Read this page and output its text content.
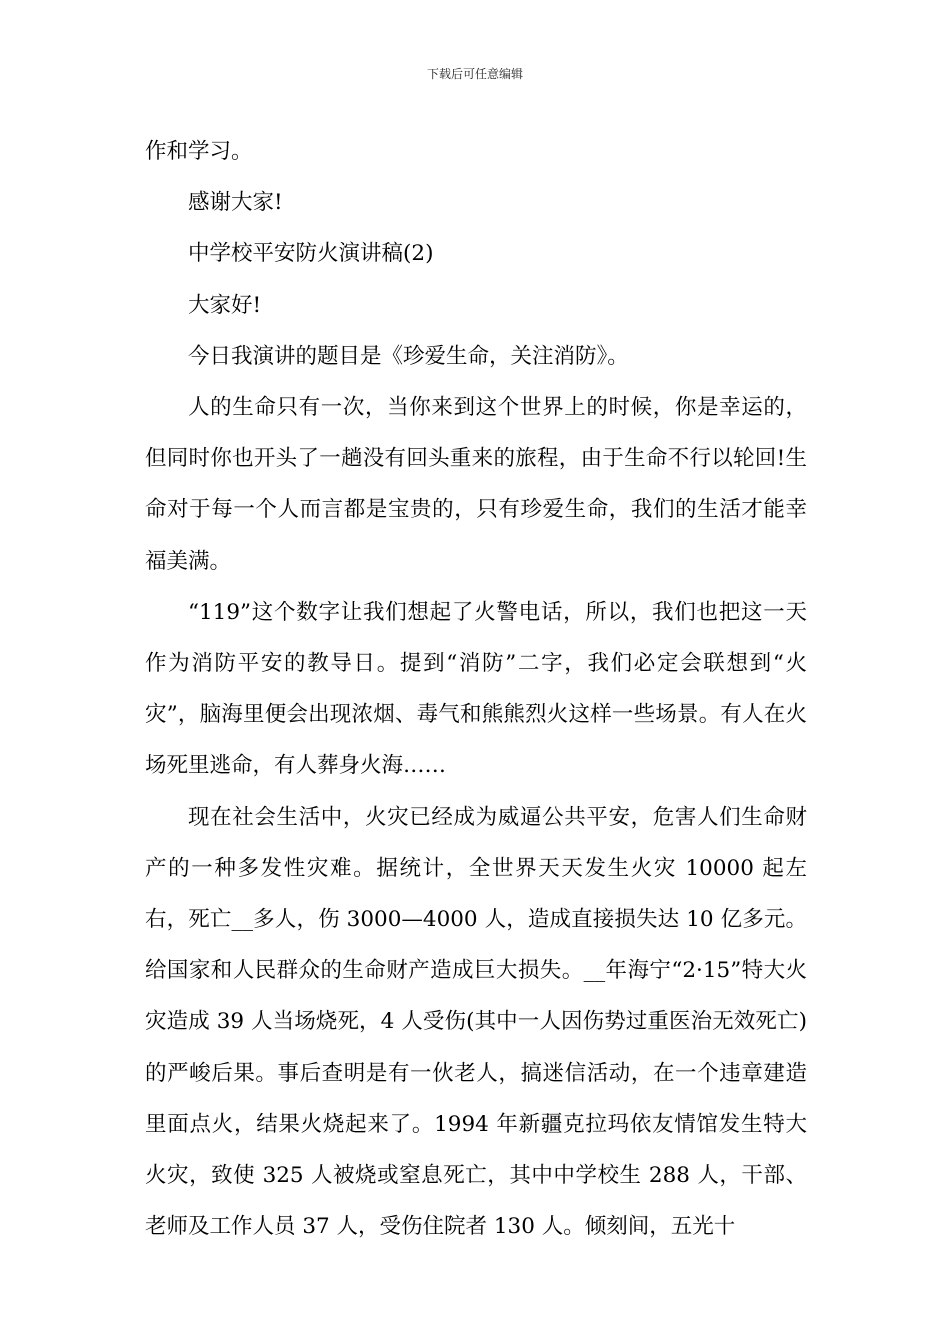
下载后可任意编辑

作和学习。

感谢大家!

中学校平安防火演讲稿(2)

大家好!

今日我演讲的题目是《珍爱生命，关注消防》。

人的生命只有一次，当你来到这个世界上的时候，你是幸运的，但同时你也开头了一趟没有回头重来的旅程，由于生命不行以轮回!生命对于每一个人而言都是宝贵的，只有珍爱生命，我们的生活才能幸福美满。

“119”这个数字让我们想起了火警电话，所以，我们也把这一天作为消防平安的教导日。提到“消防”二字，我们必定会联想到“火灾”，脑海里便会出现浓烟、毒气和熊熊烈火这样一些场景。有人在火场死里逃命，有人葬身火海……

现在社会生活中，火灾已经成为威逼公共平安，危害人们生命财产的一种多发性灾难。据统计，全世界天天发生火灾 10000 起左右，死亡__多人，伤 3000—4000 人，造成直接损失达 10 亿多元。给国家和人民群众的生命财产造成巨大损失。__年海宁“2·15”特大火灾造成 39 人当场烧死，4 人受伤(其中一人因伤势过重医治无效死亡)的严峻后果。事后查明是有一伙老人，搞迷信活动，在一个违章建造里面点火，结果火烧起来了。1994 年新疆克拉玛依友情馆发生特大火灾，致使 325 人被烧或窒息死亡，其中中学校生 288 人，干部、老师及工作人员 37 人，受伤住院者 130 人。倾刻间，五光十
